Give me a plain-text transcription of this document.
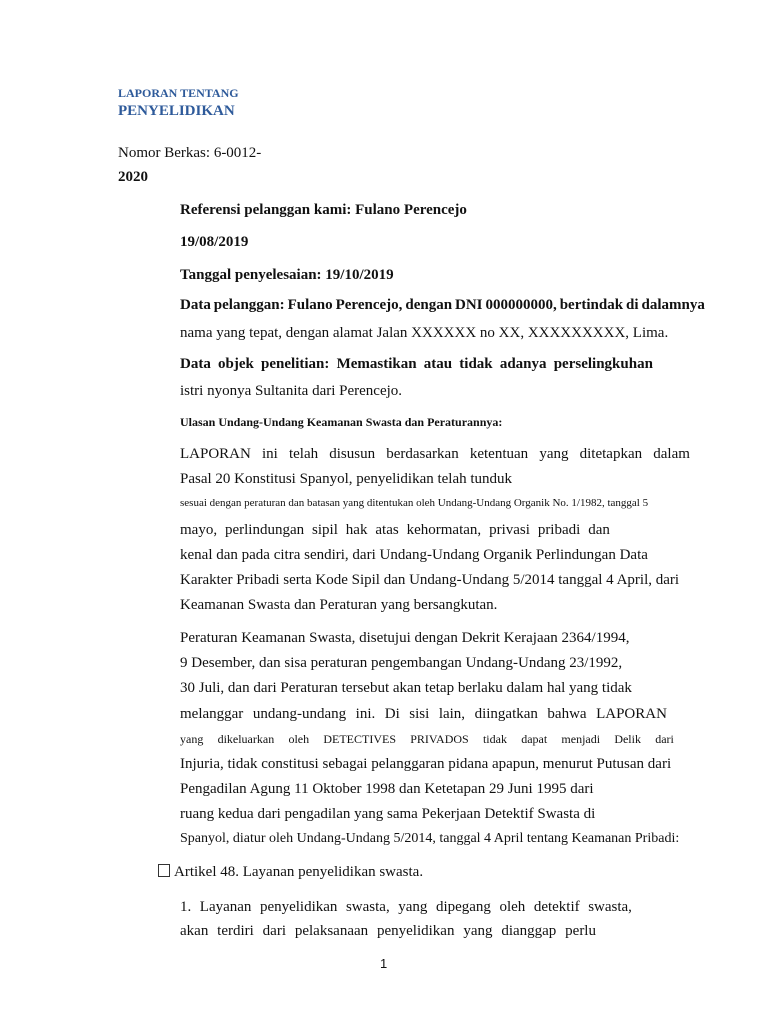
LAPORAN TENTANG
PENYELIDIKAN
Nomor Berkas: 6-0012-
2020
Referensi pelanggan kami: Fulano Perencejo
19/08/2019
Tanggal penyelesaian: 19/10/2019
Data pelanggan: Fulano Perencejo, dengan DNI 000000000, bertindak di dalamnya
nama yang tepat, dengan alamat Jalan XXXXXX no XX, XXXXXXXXX, Lima.
Data objek penelitian: Memastikan atau tidak adanya perselingkuhan
istri nyonya Sultanita dari Perencejo.
Ulasan Undang-Undang Keamanan Swasta dan Peraturannya:
LAPORAN ini telah disusun berdasarkan ketentuan yang ditetapkan dalam
Pasal 20 Konstitusi Spanyol, penyelidikan telah tunduk
sesuai dengan peraturan dan batasan yang ditentukan oleh Undang-Undang Organik No. 1/1982, tanggal 5
mayo, perlindungan sipil hak atas kehormatan, privasi pribadi dan
kenal dan pada citra sendiri, dari Undang-Undang Organik Perlindungan Data
Karakter Pribadi serta Kode Sipil dan Undang-Undang 5/2014 tanggal 4 April, dari
Keamanan Swasta dan Peraturan yang bersangkutan.
Peraturan Keamanan Swasta, disetujui dengan Dekrit Kerajaan 2364/1994,
9 Desember, dan sisa peraturan pengembangan Undang-Undang 23/1992,
30 Juli, dan dari Peraturan tersebut akan tetap berlaku dalam hal yang tidak
melanggar undang-undang ini. Di sisi lain, diingatkan bahwa LAPORAN
yang dikeluarkan oleh DETECTIVES PRIVADOS tidak dapat menjadi Delik dari
Injuria, tidak constitusi sebagai pelanggaran pidana apapun, menurut Putusan dari
Pengadilan Agung 11 Oktober 1998 dan Ketetapan 29 Juni 1995 dari
ruang kedua dari pengadilan yang sama Pekerjaan Detektif Swasta di
Spanyol, diatur oleh Undang-Undang 5/2014, tanggal 4 April tentang Keamanan Pribadi:
Artikel 48. Layanan penyelidikan swasta.
1. Layanan penyelidikan swasta, yang dipegang oleh detektif swasta,
akan terdiri dari pelaksanaan penyelidikan yang dianggap perlu
1
